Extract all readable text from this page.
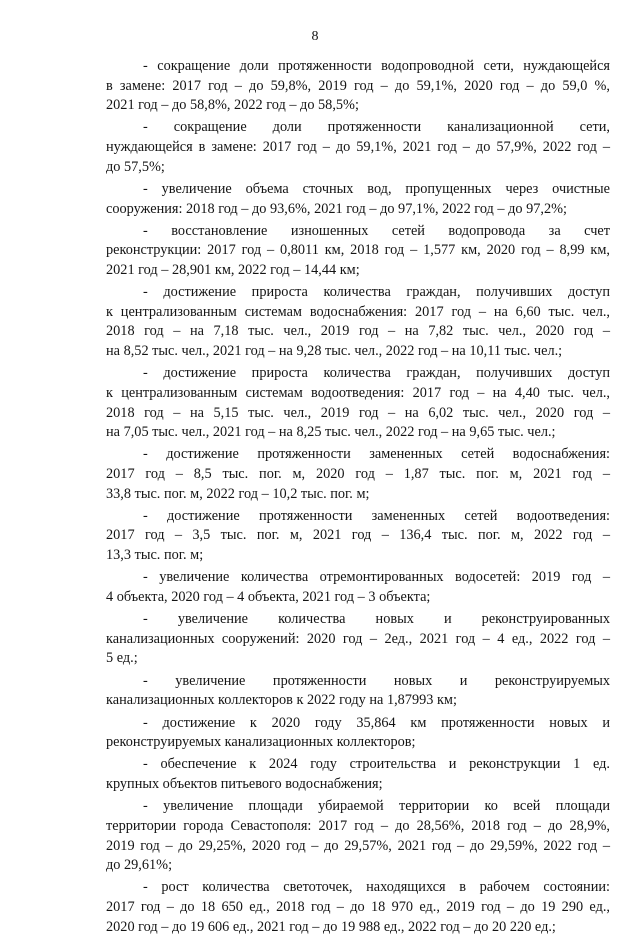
8
- сокращение доли протяженности водопроводной сети, нуждающейся
в замене: 2017 год – до 59,8%, 2019 год – до 59,1%, 2020 год – до 59,0 %,
2021 год – до 58,8%, 2022 год – до 58,5%;
- сокращение доли протяженности канализационной сети,
нуждающейся в замене: 2017 год – до 59,1%, 2021 год – до 57,9%, 2022 год –
до 57,5%;
- увеличение объема сточных вод, пропущенных через очистные
сооружения: 2018 год – до 93,6%, 2021 год – до 97,1%, 2022 год – до 97,2%;
- восстановление изношенных сетей водопровода за счет
реконструкции: 2017 год – 0,8011 км, 2018 год – 1,577 км, 2020 год – 8,99 км,
2021 год – 28,901 км, 2022 год – 14,44 км;
- достижение прироста количества граждан, получивших доступ
к централизованным системам водоснабжения: 2017 год – на 6,60 тыс. чел.,
2018 год – на 7,18 тыс. чел., 2019 год – на 7,82 тыс. чел., 2020 год –
на 8,52 тыс. чел., 2021 год – на 9,28 тыс. чел., 2022 год – на 10,11 тыс. чел.;
- достижение прироста количества граждан, получивших доступ
к централизованным системам водоотведения: 2017 год – на 4,40 тыс. чел.,
2018 год – на 5,15 тыс. чел., 2019 год – на 6,02 тыс. чел., 2020 год –
на 7,05 тыс. чел., 2021 год – на 8,25 тыс. чел., 2022 год – на 9,65 тыс. чел.;
- достижение протяженности замененных сетей водоснабжения:
2017 год – 8,5 тыс. пог. м, 2020 год – 1,87 тыс. пог. м, 2021 год –
33,8 тыс. пог. м, 2022 год – 10,2 тыс. пог. м;
- достижение протяженности замененных сетей водоотведения:
2017 год – 3,5 тыс. пог. м, 2021 год – 136,4 тыс. пог. м, 2022 год –
13,3 тыс. пог. м;
- увеличение количества отремонтированных водосетей: 2019 год –
4 объекта, 2020 год – 4 объекта, 2021 год – 3 объекта;
- увеличение количества новых и реконструированных
канализационных сооружений: 2020 год – 2ед., 2021 год – 4 ед., 2022 год –
5 ед.;
- увеличение протяженности новых и реконструируемых
канализационных коллекторов к 2022 году на 1,87993 км;
- достижение к 2020 году 35,864 км протяженности новых и
реконструируемых канализационных коллекторов;
- обеспечение к 2024 году строительства и реконструкции 1 ед.
крупных объектов питьевого водоснабжения;
- увеличение площади убираемой территории ко всей площади
территории города Севастополя: 2017 год – до 28,56%, 2018 год – до 28,9%,
2019 год – до 29,25%, 2020 год – до 29,57%, 2021 год – до 29,59%, 2022 год –
до 29,61%;
- рост количества светоточек, находящихся в рабочем состоянии:
2017 год – до 18 650 ед., 2018 год – до 18 970 ед., 2019 год – до 19 290 ед.,
2020 год – до 19 606 ед., 2021 год – до 19 988 ед., 2022 год – до 20 220 ед.;
